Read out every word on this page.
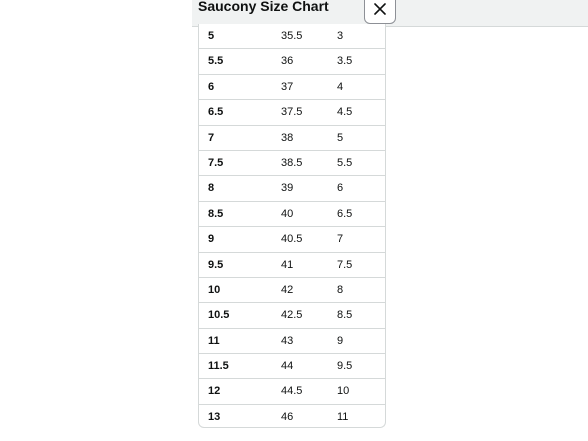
Saucony Size Chart
5	35.5	3
5.5	36	3.5
6	37	4
6.5	37.5	4.5
7	38	5
7.5	38.5	5.5
8	39	6
8.5	40	6.5
9	40.5	7
9.5	41	7.5
10	42	8
10.5	42.5	8.5
11	43	9
11.5	44	9.5
12	44.5	10
13	46	11
